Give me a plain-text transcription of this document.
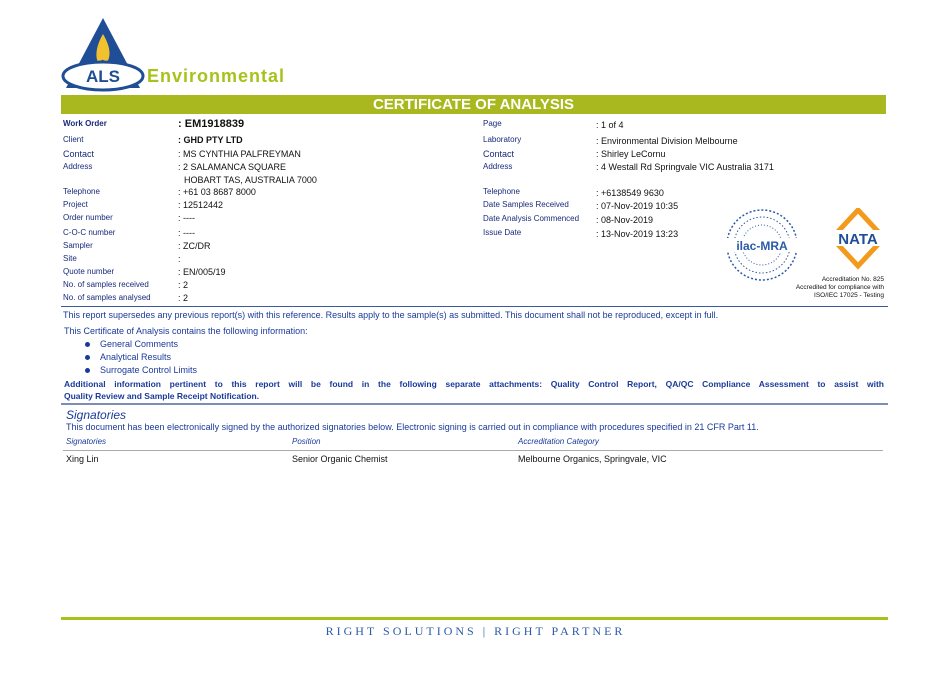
ALS Environmental
CERTIFICATE OF ANALYSIS
Work Order	: EM1918839
Client	: GHD PTY LTD
Contact	: MS CYNTHIA PALFREYMAN
Address	: 2 SALAMANCA SQUARE
HOBART TAS, AUSTRALIA 7000
Telephone	: +61 03 8687 8000
Project	: 12512442
Order number	: ----
C-O-C number	: ----
Sampler	: ZC/DR
Site	:
Quote number	: EN/005/19
No. of samples received	: 2
No. of samples analysed	: 2
Page	: 1 of 4
Laboratory	: Environmental Division Melbourne
Contact	: Shirley LeCornu
Address	: 4 Westall Rd Springvale VIC Australia 3171
Telephone	: +6138549 9630
Date Samples Received	: 07-Nov-2019 10:35
Date Analysis Commenced : 08-Nov-2019
Issue Date	: 13-Nov-2019 13:23
ilac-MRA	NATA
Accreditation No. 825
Accredited for compliance with
ISO/IEC 17025 - Testing
This report supersedes any previous report(s) with this reference. Results apply to the sample(s) as submitted. This document shall not be reproduced, except in full.
This Certificate of Analysis contains the following information:
General Comments
Analytical Results
Surrogate Control Limits
Additional information pertinent to this report will be found in the following separate attachments: Quality Control Report, QA/QC Compliance Assessment to assist with
Quality Review and Sample Receipt Notification.
Signatories
This document has been electronically signed by the authorized signatories below. Electronic signing is carried out in compliance with procedures specified in 21 CFR Part 11.
Signatories	Position	Accreditation Category
Xing Lin	Senior Organic Chemist	Melbourne Organics, Springvale, VIC
RIGHT SOLUTIONS | RIGHT PARTNER
